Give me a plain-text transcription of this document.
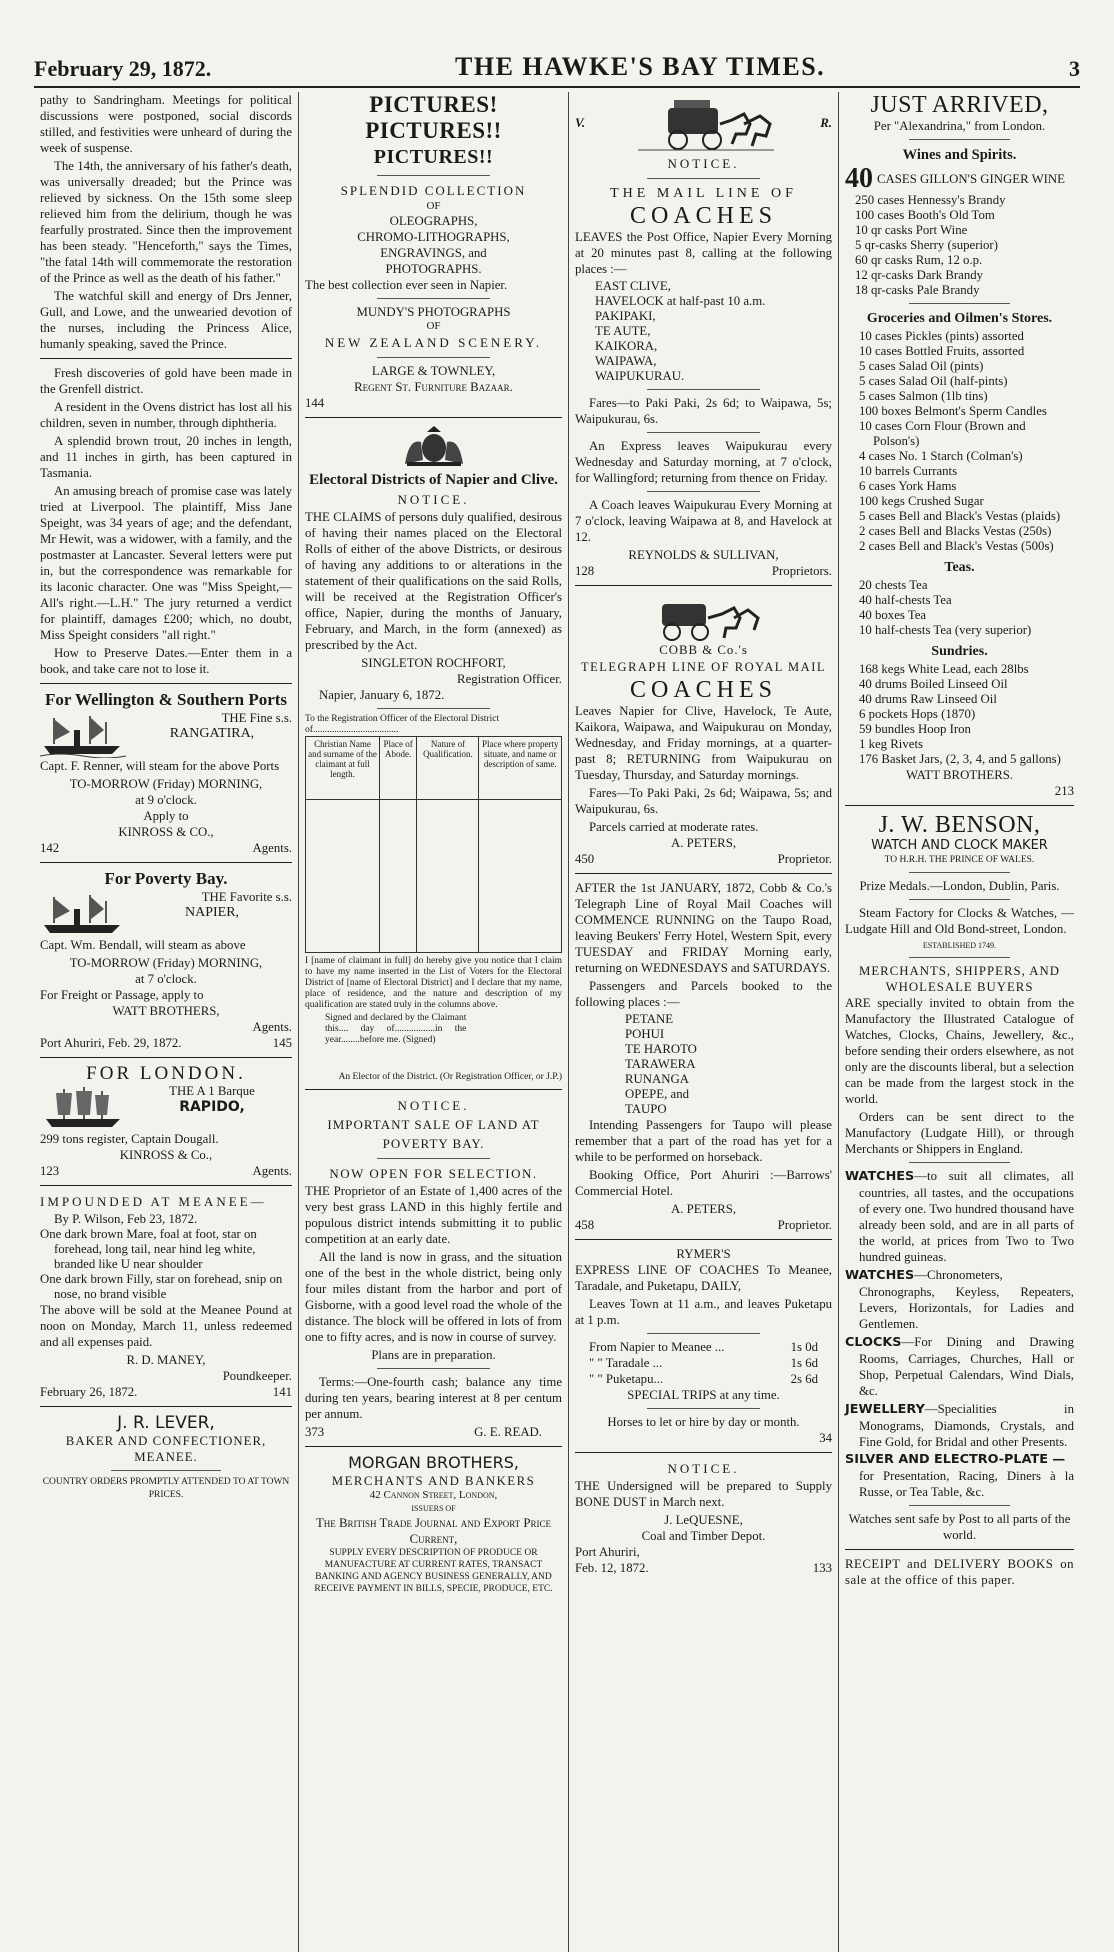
February 29, 1872.	THE HAWKE'S BAY TIMES.	3

pathy to Sandringham. Meetings for political discussions were postponed, social discords stilled, and festivities were unheard of during the week of suspense.

The 14th, the anniversary of his father's death, was universally dreaded; but the Prince was relieved by sickness. On the 15th some sleep relieved him from the delirium, though he was fearfully prostrated. Since then the improvement has been steady. "Henceforth," says the Times, "the fatal 14th will commemorate the restoration of the Prince as well as the death of his father."

The watchful skill and energy of Drs Jenner, Gull, and Lowe, and the unwearied devotion of the nurses, including the Princess Alice, humanly speaking, saved the Prince.

Fresh discoveries of gold have been made in the Grenfell district.

A resident in the Ovens district has lost all his children, seven in number, through diphtheria.

A splendid brown trout, 20 inches in length, and 11 inches in girth, has been captured in Tasmania.

An amusing breach of promise case was lately tried at Liverpool. The plaintiff, Miss Jane Speight, was 34 years of age; and the defendant, Mr Hewit, was a widower, with a family, and the postmaster at Lancaster. Several letters were put in, but the correspondence was remarkable for its laconic character. One was "Miss Speight,—All's right.—L.H." The jury returned a verdict for plaintiff, damages £200; which, no doubt, Miss Speight considers "all right."

How to Preserve Dates.—Enter them in a book, and take care not to lose it.

For Wellington & Southern Ports
THE Fine s.s.
RANGATIRA,

Capt. F. Renner, will steam for the above Ports

TO-MORROW (Friday) MORNING,
at 9 o'clock.
Apply to
KINROSS & CO.,
142	Agents.
For Poverty Bay.
THE Favorite s.s.
NAPIER,

Capt. Wm. Bendall, will steam as above

TO-MORROW (Friday) MORNING,
at 7 o'clock.
For Freight or Passage, apply to
WATT BROTHERS,
Agents.
Port Ahuriri, Feb. 29, 1872.	145
FOR LONDON.
THE A 1 Barque
RAPIDO,
299 tons register, Captain Dougall.
KINROSS & Co.,
123	Agents.
IMPOUNDED AT MEANEE—
By P. Wilson, Feb 23, 1872.
One dark brown Mare, foal at foot, star on forehead, long tail, near hind leg white, branded like U near shoulder
One dark brown Filly, star on forehead, snip on nose, no brand visible

The above will be sold at the Meanee Pound at noon on Monday, March 11, unless redeemed and all expenses paid.

R. D. MANEY,
Poundkeeper.
February 26, 1872.	141
J. R. LEVER,
BAKER AND CONFECTIONER,
MEANEE.
COUNTRY ORDERS PROMPTLY ATTENDED TO AT TOWN PRICES.
PICTURES! PICTURES!!
PICTURES!!
SPLENDID COLLECTION
OF
OLEOGRAPHS,
CHROMO-LITHOGRAPHS,
ENGRAVINGS, and
PHOTOGRAPHS.

The best collection ever seen in Napier.

MUNDY'S PHOTOGRAPHS
OF
NEW ZEALAND SCENERY.
LARGE & TOWNLEY,
Regent St. Furniture Bazaar.
144
Electoral Districts of Napier and Clive.
NOTICE.

THE CLAIMS of persons duly qualified, desirous of having their names placed on the Electoral Rolls of either of the above Districts, or desirous of having any additions to or alterations in the statement of their qualifications on the said Rolls, will be received at the Registration Officer's office, Napier, during the months of January, February, and March, in the form (annexed) as prescribed by the Act.

SINGLETON ROCHFORT,
Registration Officer.
Napier, January 6, 1872.
To the Registration Officer of the Electoral District of....................................
Christian Name and surname of the claimant at full length.	Place of Abode.	Nature of Qualification.	Place where property situate, and name or description of same.

I [name of claimant in full] do hereby give you notice that I claim to have my name inserted in the List of Voters for the Electoral District of [name of Electoral District] and I declare that my name, place of residence, and the nature and description of my qualification are stated truly in the columns above.

Signed and declared by the Claimant this.... day of.................in the year........before me. (Signed)

An Elector of the District. (Or Registration Officer, or J.P.)
NOTICE.
IMPORTANT SALE OF LAND AT POVERTY BAY.
NOW OPEN FOR SELECTION.

THE Proprietor of an Estate of 1,400 acres of the very best grass LAND in this highly fertile and populous district intends submitting it to public competition at an early date.

All the land is now in grass, and the situation one of the best in the whole district, being only four miles distant from the harbor and port of Gisborne, with a good level road the whole of the distance. The block will be offered in lots of from one to fifty acres, and is now in course of survey.

Plans are in preparation.

Terms:—One-fourth cash; balance any time during ten years, bearing interest at 8 per centum per annum.

373	G. E. READ.
MORGAN BROTHERS,
MERCHANTS AND BANKERS
42 Cannon Street, London,
ISSUERS OF
The British Trade Journal and Export Price Current,
SUPPLY EVERY DESCRIPTION OF PRODUCE OR MANUFACTURE AT CURRENT RATES, TRANSACT BANKING AND AGENCY BUSINESS GENERALLY, AND RECEIVE PAYMENT IN BILLS, SPECIE, PRODUCE, ETC.
V.	R.
NOTICE.
THE MAIL LINE OF
COACHES

LEAVES the Post Office, Napier Every Morning at 20 minutes past 8, calling at the following places :—

EAST CLIVE,
HAVELOCK at half-past 10 a.m.
PAKIPAKI,
TE AUTE,
KAIKORA,
WAIPAWA,
WAIPUKURAU.

Fares—to Paki Paki, 2s 6d; to Waipawa, 5s; Waipukurau, 6s.

An Express leaves Waipukurau every Wednesday and Saturday morning, at 7 o'clock, for Wallingford; returning from thence on Friday.

A Coach leaves Waipukurau Every Morning at 7 o'clock, leaving Waipawa at 8, and Havelock at 12.

REYNOLDS & SULLIVAN,
128	Proprietors.
COBB & Co.'s
TELEGRAPH LINE OF ROYAL MAIL
COACHES

Leaves Napier for Clive, Havelock, Te Aute, Kaikora, Waipawa, and Waipukurau on Monday, Wednesday, and Friday mornings, at a quarter-past 8; RETURNING from Waipukurau on Tuesday, Thursday, and Saturday mornings.

Fares—To Paki Paki, 2s 6d; Waipawa, 5s; and Waipukurau, 6s.

Parcels carried at moderate rates.
A. PETERS,
450	Proprietor.

AFTER the 1st JANUARY, 1872, Cobb & Co.'s Telegraph Line of Royal Mail Coaches will COMMENCE RUNNING on the Taupo Road, leaving Beukers' Ferry Hotel, Western Spit, every TUESDAY and FRIDAY Morning early, returning on WEDNESDAYS and SATURDAYS.

Passengers and Parcels booked to the following places :—

PETANE
POHUI
TE HAROTO
TARAWERA
RUNANGA
OPEPE, and
TAUPO

Intending Passengers for Taupo will please remember that a part of the road has yet for a while to be performed on horseback.

Booking Office, Port Ahuriri :—Barrows' Commercial Hotel.

A. PETERS,
458	Proprietor.
RYMER'S

EXPRESS LINE OF COACHES To Meanee, Taradale, and Puketapu, DAILY,

Leaves Town at 11 a.m., and leaves Puketapu at 1 p.m.

From Napier to Meanee ...	1s 0d
" " Taradale ...	1s 6d
" " Puketapu...	2s 6d
SPECIAL TRIPS at any time.
Horses to let or hire by day or month.
34
NOTICE.

THE Undersigned will be prepared to Supply BONE DUST in March next.

J. LeQUESNE,
Coal and Timber Depot.
Port Ahuriri,
Feb. 12, 1872.	133
JUST ARRIVED,
Per "Alexandrina," from London.
Wines and Spirits.
40 CASES GILLON'S GINGER WINE
250 cases Hennessy's Brandy
100 cases Booth's Old Tom
10 qr casks Port Wine
5 qr-casks Sherry (superior)
60 qr casks Rum, 12 o.p.
12 qr-casks Dark Brandy
18 qr-casks Pale Brandy
Groceries and Oilmen's Stores.
10 cases Pickles (pints) assorted
10 cases Bottled Fruits, assorted
5 cases Salad Oil (pints)
5 cases Salad Oil (half-pints)
5 cases Salmon (1lb tins)
100 boxes Belmont's Sperm Candles
10 cases Corn Flour (Brown and Polson's)
4 cases No. 1 Starch (Colman's)
10 barrels Currants
6 cases York Hams
100 kegs Crushed Sugar
5 cases Bell and Black's Vestas (plaids)
2 cases Bell and Blacks Vestas (250s)
2 cases Bell and Black's Vestas (500s)
Teas.
20 chests Tea
40 half-chests Tea
40 boxes Tea
10 half-chests Tea (very superior)
Sundries.
168 kegs White Lead, each 28lbs
40 drums Boiled Linseed Oil
40 drums Raw Linseed Oil
6 pockets Hops (1870)
59 bundles Hoop Iron
1 keg Rivets
176 Basket Jars, (2, 3, 4, and 5 gallons)
WATT BROTHERS.
213
J. W. BENSON,
WATCH AND CLOCK MAKER
TO H.R.H. THE PRINCE OF WALES.
Prize Medals.—London, Dublin, Paris.

Steam Factory for Clocks & Watches, —Ludgate Hill and Old Bond-street, London.

ESTABLISHED 1749.
MERCHANTS, SHIPPERS, AND WHOLESALE BUYERS

ARE specially invited to obtain from the Manufactory the Illustrated Catalogue of Watches, Clocks, Chains, Jewellery, &c., before sending their orders elsewhere, as not only are the discounts liberal, but a selection can be made from the largest stock in the world.

Orders can be sent direct to the Manufactory (Ludgate Hill), or through Merchants or Shippers in England.

WATCHES—to suit all climates, all countries, all tastes, and the occupations of every one. Two hundred thousand have already been sold, and are in all parts of the world, at prices from Two to Two hundred guineas.

WATCHES—Chronometers, Chronographs, Keyless, Repeaters, Levers, Horizontals, for Ladies and Gentlemen.

CLOCKS—For Dining and Drawing Rooms, Carriages, Churches, Hall or Shop, Perpetual Calendars, Wind Dials, &c.

JEWELLERY—Specialities in Monograms, Diamonds, Crystals, and Fine Gold, for Bridal and other Presents.

SILVER AND ELECTRO-PLATE —

for Presentation, Racing, Diners à la Russe, or Tea Table, &c.

Watches sent safe by Post to all parts of the world.

RECEIPT and DELIVERY BOOKS on sale at the office of this paper.
